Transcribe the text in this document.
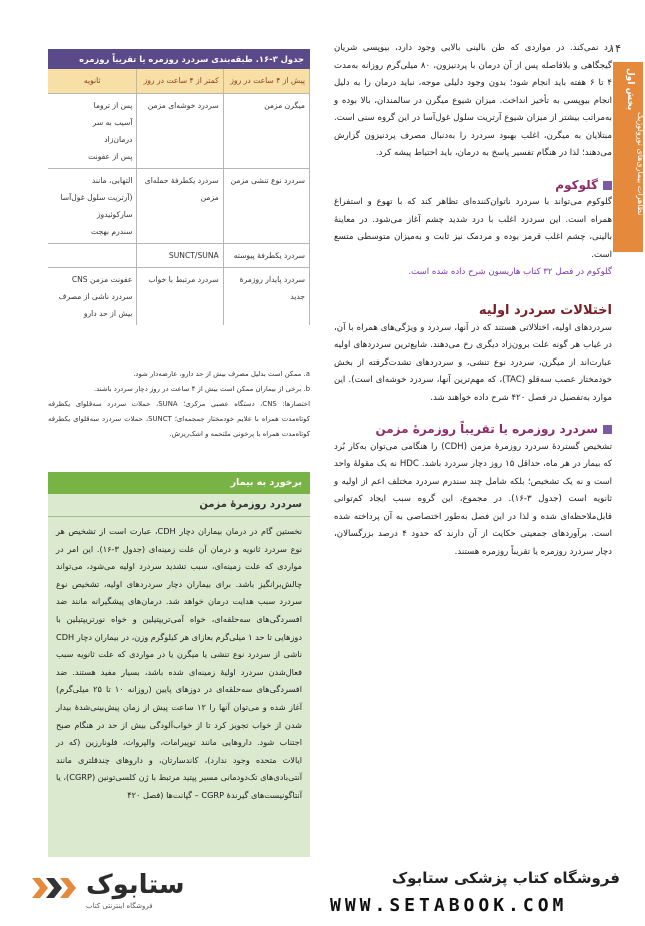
۱۴
بخش اول
نظاهرات بیماری‌های نورولوژیک

رد نمی‌کند. در مواردی که طن بالینی بالایی وجود دارد، بیوپسی شریان گیجگاهی و بلافاصله پس از آن درمان با پردنیزون، ۸۰ میلی‌گرم روزانه به‌مدت ۴ تا ۶ هفته باید انجام شود؛ بدون وجود دلیلی موجه، نباید درمان را به دلیل انجام بیوپسی به تأخیر انداخت. میزان شیوع میگرن در سالمندان، بالا بوده و به‌مراتب بیشتر از میزان شیوع آرتریت سلول غول‌آسا در این گروه سنی است. مبتلایان به میگرن، اغلب بهبود سردرد را به‌دنبال مصرف پردنیزون گزارش می‌دهند؛ لذا در هنگام تفسیر پاسخ به درمان، باید احتیاط پیشه کرد.

گلوکوم

گلوکوم می‌تواند با سردرد ناتوان‌کننده‌ای تظاهر کند که با تهوع و استفراغ همراه است. این سردرد اغلب با درد شدید چشم آغاز می‌شود. در معاینهٔ بالینی، چشم اغلب قرمز بوده و مردمک نیز ثابت و به‌میزان متوسطی متسع است.

گلوکوم در فصل ۳۲ کتاب هاریسون شرح داده شده است.

اختلالات سردرد اولیه

سردردهای اولیه، اختلالاتی هستند که در آنها، سردرد و ویژگی‌های همراه با آن، در غیاب هر گونه علت برون‌زاد دیگری رخ می‌دهند. شایع‌ترین سردردهای اولیه عبارت‌اند از میگرن، سردرد نوع تنشی، و سردردهای تشدت‌گرفته از بخش خودمختار عصب سه‌قلو (TAC)، که مهم‌ترین آنها، سردرد خوشه‌ای است). این موارد به‌تفصیل در فصل ۴۲۰ شرح داده خواهند شد.

سردرد روزمره یا تقریباً روزمرهٔ مزمن

تشخیص گستردهٔ سردرد روزمرهٔ مزمن (CDH) را هنگامی می‌توان به‌کار بُرد که بیمار در هر ماه، حداقل ۱۵ روز دچار سردرد باشد. HDC نه یک مقولهٔ واحد است و نه یک تشخیص؛ بلکه شامل چند سندرم سردرد مختلف اعم از اولیه و ثانویه است (جدول ۳-۱۶). در مجموع، این گروه سبب ایجاد کم‌توانی قابل‌ملاحظه‌ای شده و لذا در این فصل به‌طور اختصاصی به آن پرداخته شده است. برآوردهای جمعیتی حکایت از آن دارند که حدود ۴ درصد بزرگسالان، دچار سردرد روزمره یا تقریباً روزمره هستند.

جدول ۳-۱۶. طبقه‌بندی سردرد روزمره یا تقریباً روزمره
پیش از ۴ ساعت در روز	کمتر از ۴ ساعت در روز	ثانویه
میگرن مزمن	سردرد خوشه‌ای مزمن	پس از تروما
آسیب به سر
درمان‌زاد
پس از عفونت
سردرد نوع تنشی مزمن	سردرد یکطرفهٔ حمله‌ای مزمن	التهابی، مانند
(آرتریت سلول غول‌آسا
سارکوئیدوز
سندرم بهجت
سردرد یکطرفهٔ پیوسته	SUNCT/SUNA	
سردرد پایدار روزمرهٔ جدید	سردرد مرتبط با خواب	عفونت مزمن CNS
سردرد ناشی از مصرف
بیش از حد دارو

a. ممکن است بدلیل مصرف بیش از حد دارو، عارضه‌دار شود.

b. برخی از بیماران ممکن است بیش از ۴ ساعت در روز دچار سردرد باشند.

اختصارها: CNS، دستگاه عصبی مرکزی؛ SUNA، حملات سردرد سه‌قلو‌ای یکطرفه کوتاه‌مدت همراه با علایم خودمختار جمجمه‌ای؛ SUNCT، حملات سردرد سه‌قلو‌ای یکطرفه کوتاه‌مدت همراه با پرخونی ملتحمه و اشک‌ریزش.

برخورد به بیمار
سردرد روزمرهٔ مزمن
نخستین گام در درمان بیماران دچار CDH، عبارت است از تشخیص هر نوع سردرد ثانویه و درمان آن علت زمینه‌ای (جدول ۳-۱۶). این امر در مواردی که علت زمینه‌ای، سبب تشدید سردرد اولیه می‌شود، می‌تواند چالش‌برانگیز باشد. برای بیماران دچار سردردهای اولیه، تشخیص نوع سردرد سبب هدایت درمان خواهد شد. درمان‌های پیشگیرانه مانند ضد افسردگی‌های سه‌حلقه‌ای، خواه آمی‌تریپتیلین و خواه نورتریپتیلین با دوزهایی تا حد ۱ میلی‌گرم بعازای هر کیلوگرم وزن، در بیماران دچار CDH ناشی از سردرد نوع تنشی یا میگرن یا در مواردی که علت ثانویه سبب فعال‌شدن سردرد اولیهٔ زمینه‌ای شده باشد، بسیار مفید هستند. ضد افسردگی‌های سه‌حلقه‌ای در دوزهای پایین (روزانه ۱۰ تا ۲۵ میلی‌گرم) آغاز شده و می‌توان آنها را ۱۲ ساعت پیش از زمان پیش‌بینی‌شدهٔ بیدار شدن از خواب تجویز کرد تا از خواب‌آلودگی بیش از حد در هنگام صبح اجتناب شود. داروهایی مانند توپیرامات، والپروات، فلونارزین (که در ایالات متحده وجود ندارد)، کاندسارتان، و داروهای چندقلتری مانند آنتی‌بادی‌های تک‌دودمانی مسیر پپتید مرتبط با ژن کلسی‌تونین (CGRP)، یا آنتاگونیست‌های گیرندهٔ CGRP – گپانت‌ها (فصل ۴۲۰
ستابوک
فروشگاه اینترنتی کتاب
فروشگاه کتاب پزشکی ستابوک
WWW.SETABOOK.COM
